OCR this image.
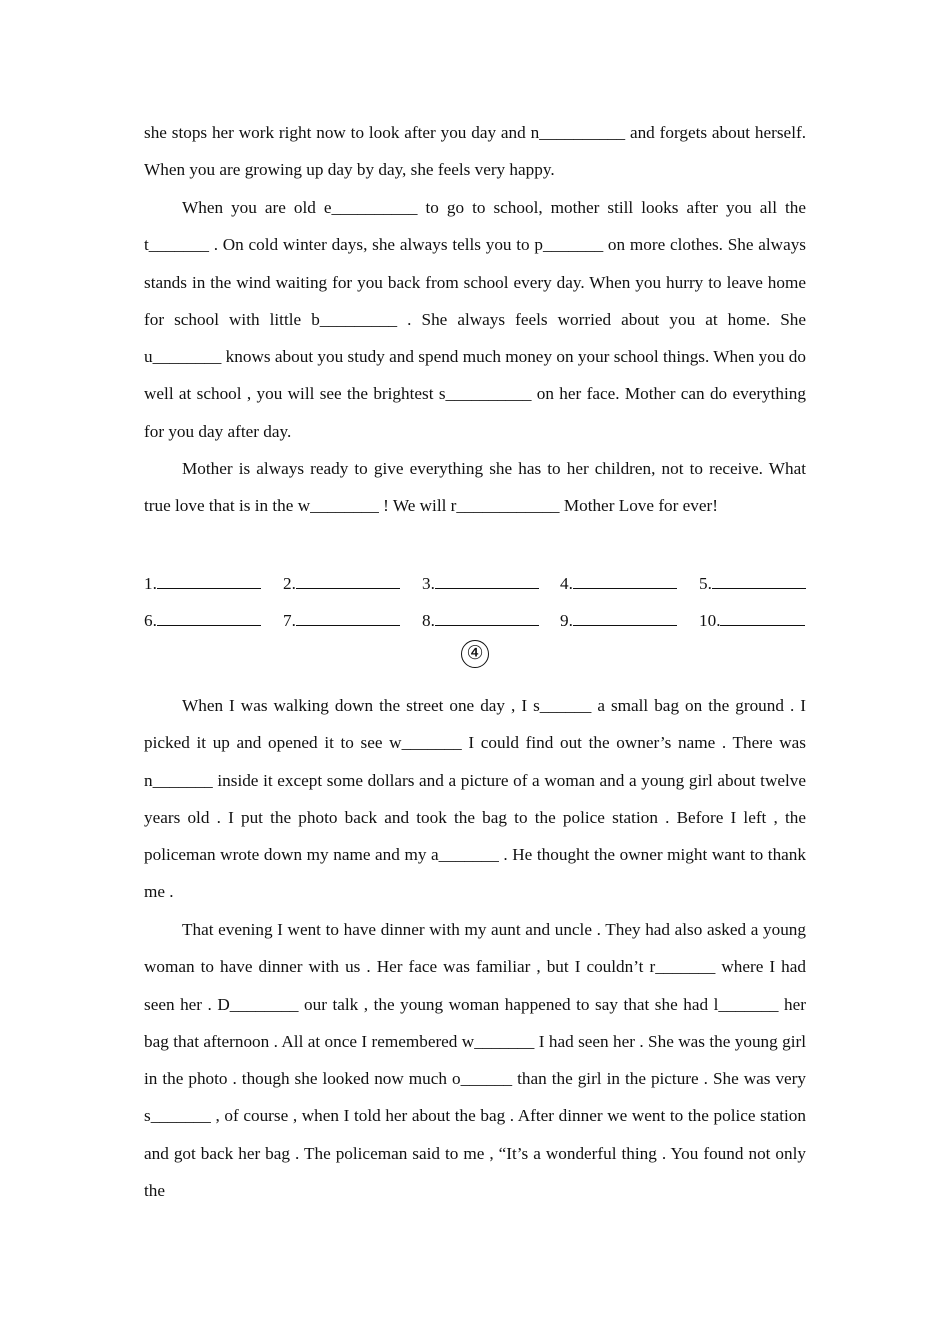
she stops her work right now to look after you day and n__________ and forgets about herself. When you are growing up day by day, she feels very happy.

When you are old e__________ to go to school, mother still looks after you all the t_______ . On cold winter days, she always tells you to p_______ on more clothes. She always stands in the wind waiting for you back from school every day. When you hurry to leave home for school with little b_________ . She always feels worried about you at home. She u________ knows about you study and spend much money on your school things. When you do well at school , you will see the brightest s__________ on her face. Mother can do everything for you day after day.

Mother is always ready to give everything she has to her children, not to receive. What true love that is in the w________ ! We will r____________ Mother Love for ever!

1.	2.	3.	4.	5.
6.	7.	8.	9.	10.
④

When I was walking down the street one day , I s______ a small bag on the ground . I picked it up and opened it to see w_______ I could find out the owner’s name . There was n_______ inside it except some dollars and a picture of a woman and a young girl about twelve years old . I put the photo back and took the bag to the police station . Before I left , the policeman wrote down my name and my a_______ . He thought the owner might want to thank me .

That evening I went to have dinner with my aunt and uncle . They had also asked a young woman to have dinner with us . Her face was familiar , but I couldn’t r_______ where I had seen her . D________ our talk , the young woman happened to say that she had l_______ her bag that afternoon . All at once I remembered w_______ I had seen her . She was the young girl in the photo . though she looked now much o______ than the girl in the picture . She was very s_______ , of course , when I told her about the bag . After dinner we went to the police station and got back her bag . The policeman said to me , “It’s a wonderful thing . You found not only the
